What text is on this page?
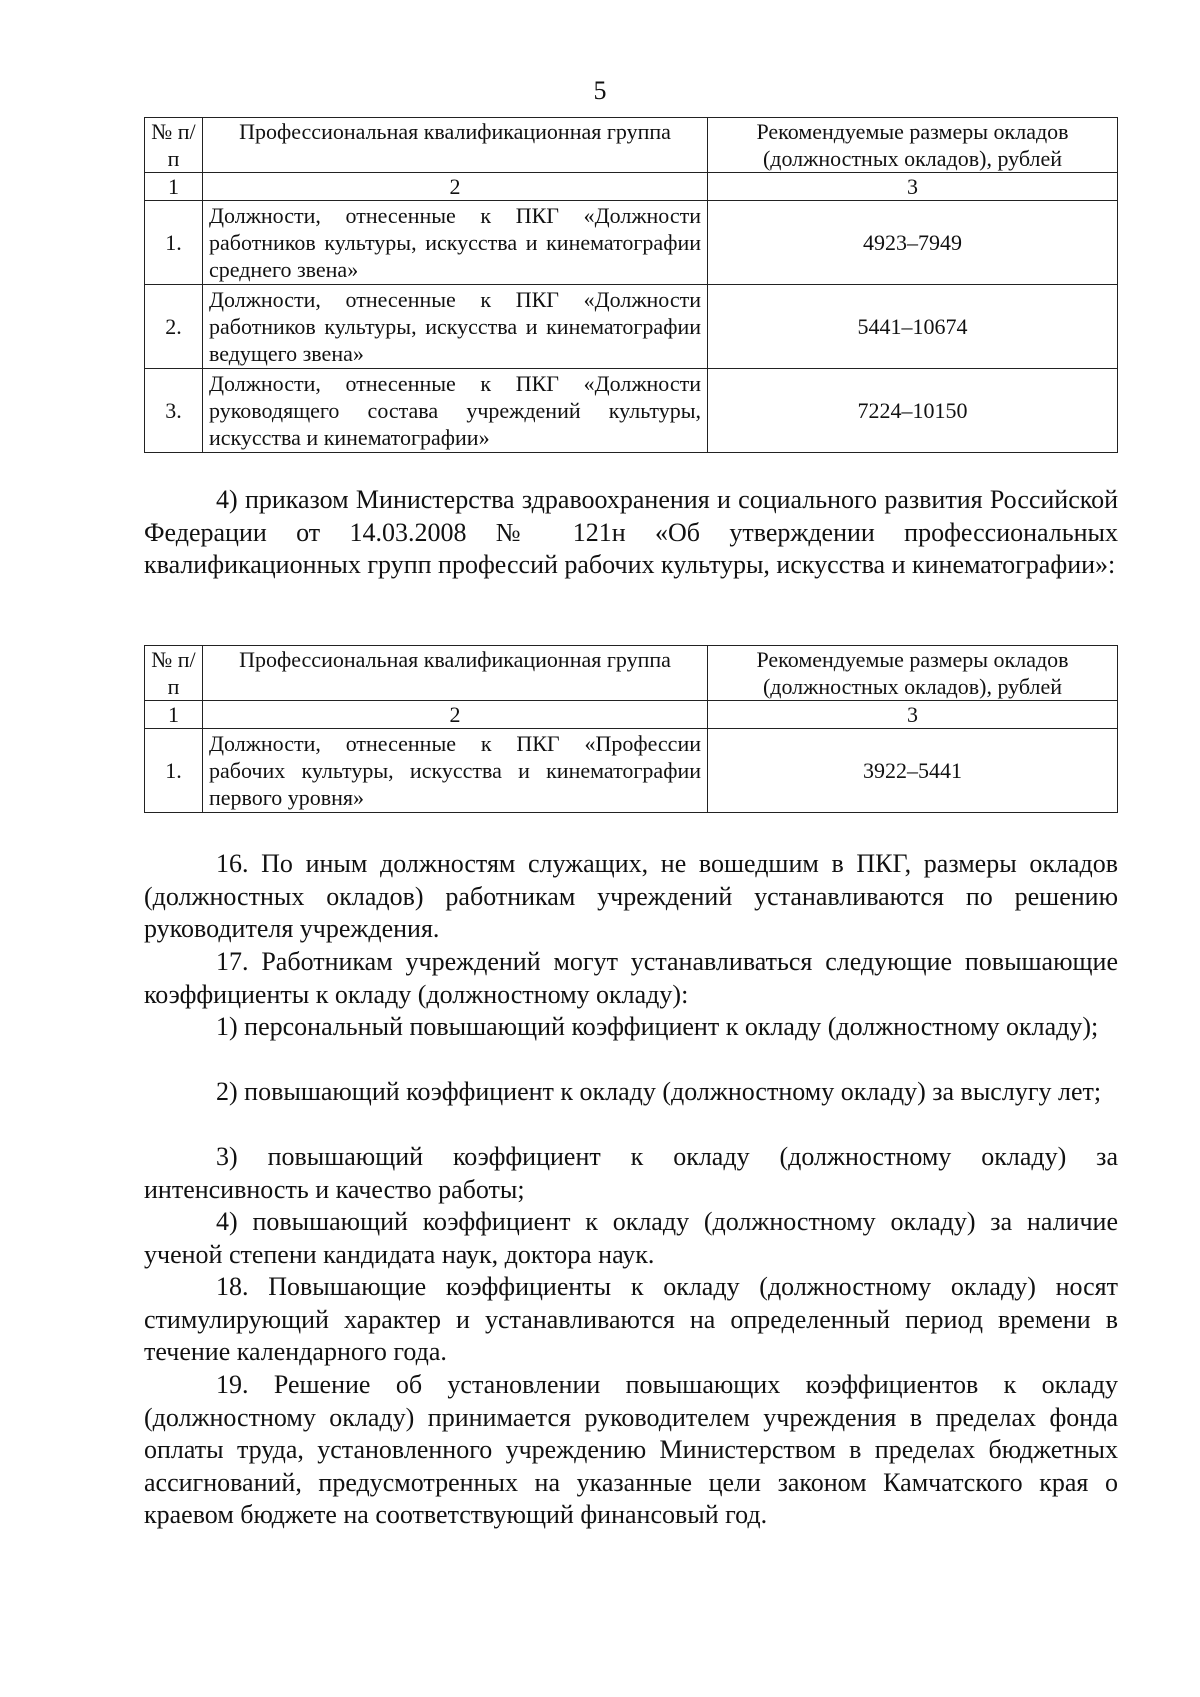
5
№ п/п	Профессиональная квалификационная группа	Рекомендуемые размеры окладов (должностных окладов), рублей
1	2	3
1.	Должности, отнесенные к ПКГ «Должности работников культуры, искусства и кинематографии среднего звена»	4923–7949
2.	Должности, отнесенные к ПКГ «Должности работников культуры, искусства и кинематографии ведущего звена»	5441–10674
3.	Должности, отнесенные к ПКГ «Должности руководящего состава учреждений культуры, искусства и кинематографии»	7224–10150

4) приказом Министерства здравоохранения и социального развития Российской Федерации от 14.03.2008 № 121н «Об утверждении профессиональных квалификационных групп профессий рабочих культуры, искусства и кинематографии»:

№ п/п	Профессиональная квалификационная группа	Рекомендуемые размеры окладов (должностных окладов), рублей
1	2	3
1.	Должности, отнесенные к ПКГ «Профессии рабочих культуры, искусства и кинематографии первого уровня»	3922–5441

16. По иным должностям служащих, не вошедшим в ПКГ, размеры окладов (должностных окладов) работникам учреждений устанавливаются по решению руководителя учреждения.

17. Работникам учреждений могут устанавливаться следующие повышающие коэффициенты к окладу (должностному окладу):

1) персональный повышающий коэффициент к окладу (должностному окладу);

2) повышающий коэффициент к окладу (должностному окладу) за выслугу лет;

3) повышающий коэффициент к окладу (должностному окладу) за интенсивность и качество работы;

4) повышающий коэффициент к окладу (должностному окладу) за наличие ученой степени кандидата наук, доктора наук.

18. Повышающие коэффициенты к окладу (должностному окладу) носят стимулирующий характер и устанавливаются на определенный период времени в течение календарного года.

19. Решение об установлении повышающих коэффициентов к окладу (должностному окладу) принимается руководителем учреждения в пределах фонда оплаты труда, установленного учреждению Министерством в пределах бюджетных ассигнований, предусмотренных на указанные цели законом Камчатского края о краевом бюджете на соответствующий финансовый год.
